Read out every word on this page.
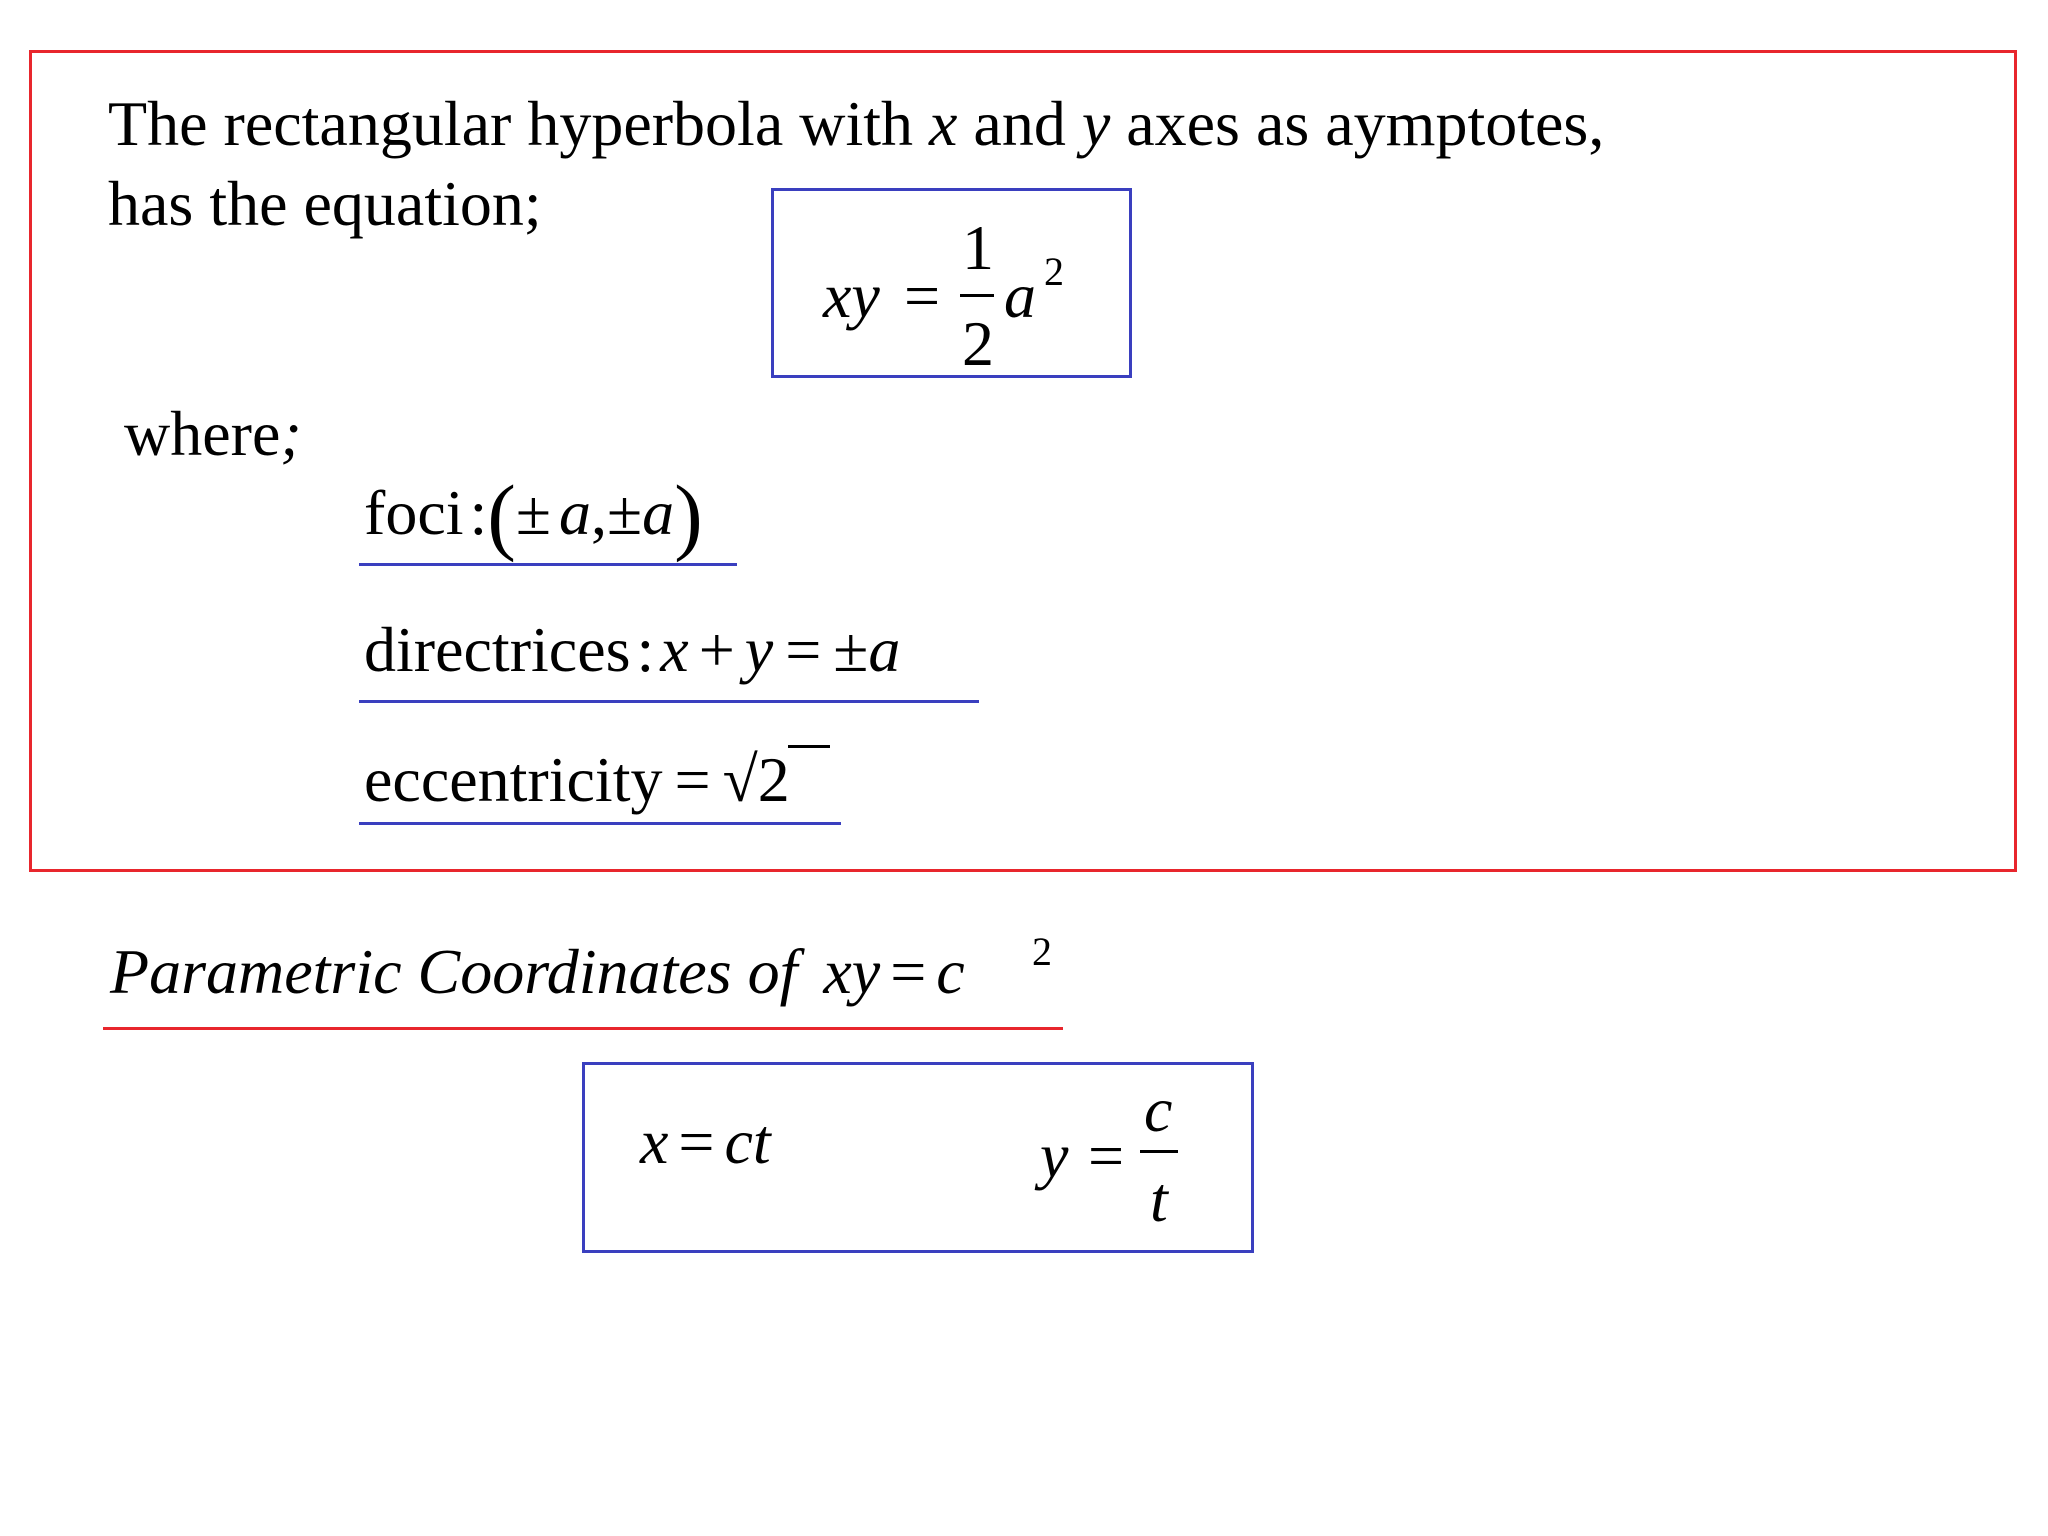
The rectangular hyperbola with x and y axes as aymptotes,
has the equation;
xy =
1
2
a 2
where;
foci:(± a,±a)
directrices:x + y = ±a
eccentricity = √2
Parametric Coordinates of xy = c 2
x = ct	y =
c
t
